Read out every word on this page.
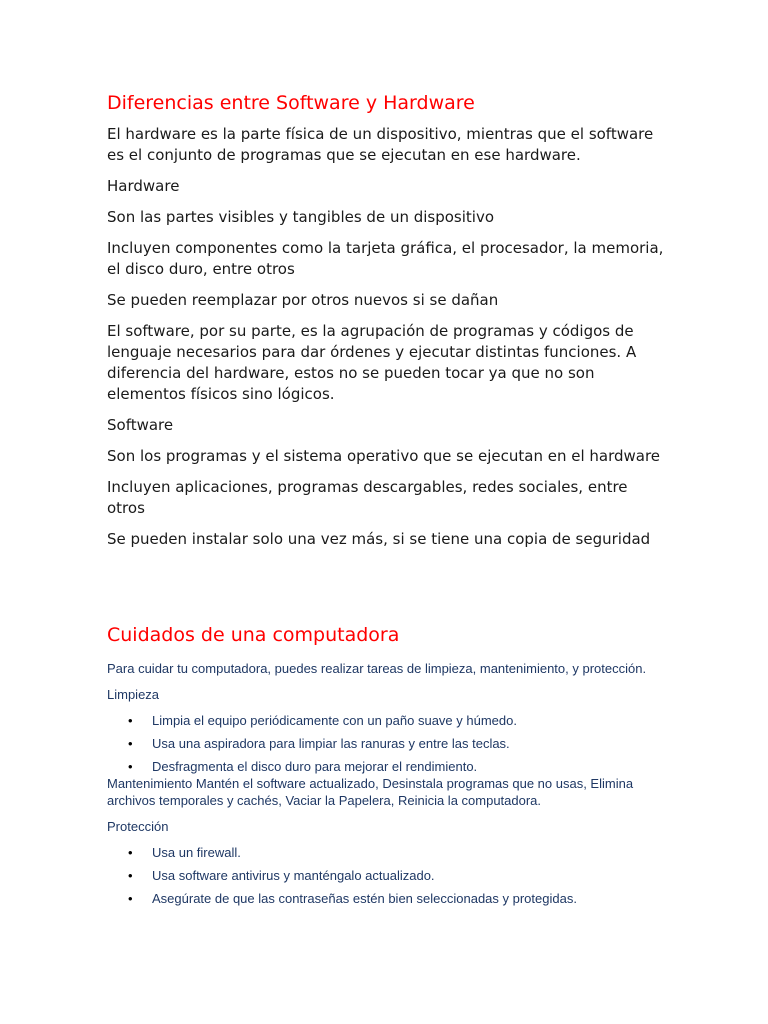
Diferencias entre Software y Hardware

El hardware es la parte física de un dispositivo, mientras que el software es el conjunto de programas que se ejecutan en ese hardware.

Hardware

Son las partes visibles y tangibles de un dispositivo

Incluyen componentes como la tarjeta gráfica, el procesador, la memoria, el disco duro, entre otros

Se pueden reemplazar por otros nuevos si se dañan

El software, por su parte, es la agrupación de programas y códigos de lenguaje necesarios para dar órdenes y ejecutar distintas funciones. A diferencia del hardware, estos no se pueden tocar ya que no son elementos físicos sino lógicos.

Software

Son los programas y el sistema operativo que se ejecutan en el hardware

Incluyen aplicaciones, programas descargables, redes sociales, entre otros

Se pueden instalar solo una vez más, si se tiene una copia de seguridad

Cuidados de una computadora

Para cuidar tu computadora, puedes realizar tareas de limpieza, mantenimiento, y protección.

Limpieza

• Limpia el equipo periódicamente con un paño suave y húmedo.
• Usa una aspiradora para limpiar las ranuras y entre las teclas.
• Desfragmenta el disco duro para mejorar el rendimiento.

Mantenimiento Mantén el software actualizado, Desinstala programas que no usas, Elimina archivos temporales y cachés, Vaciar la Papelera, Reinicia la computadora.

Protección

• Usa un firewall.
• Usa software antivirus y manténgalo actualizado.
• Asegúrate de que las contraseñas estén bien seleccionadas y protegidas.
